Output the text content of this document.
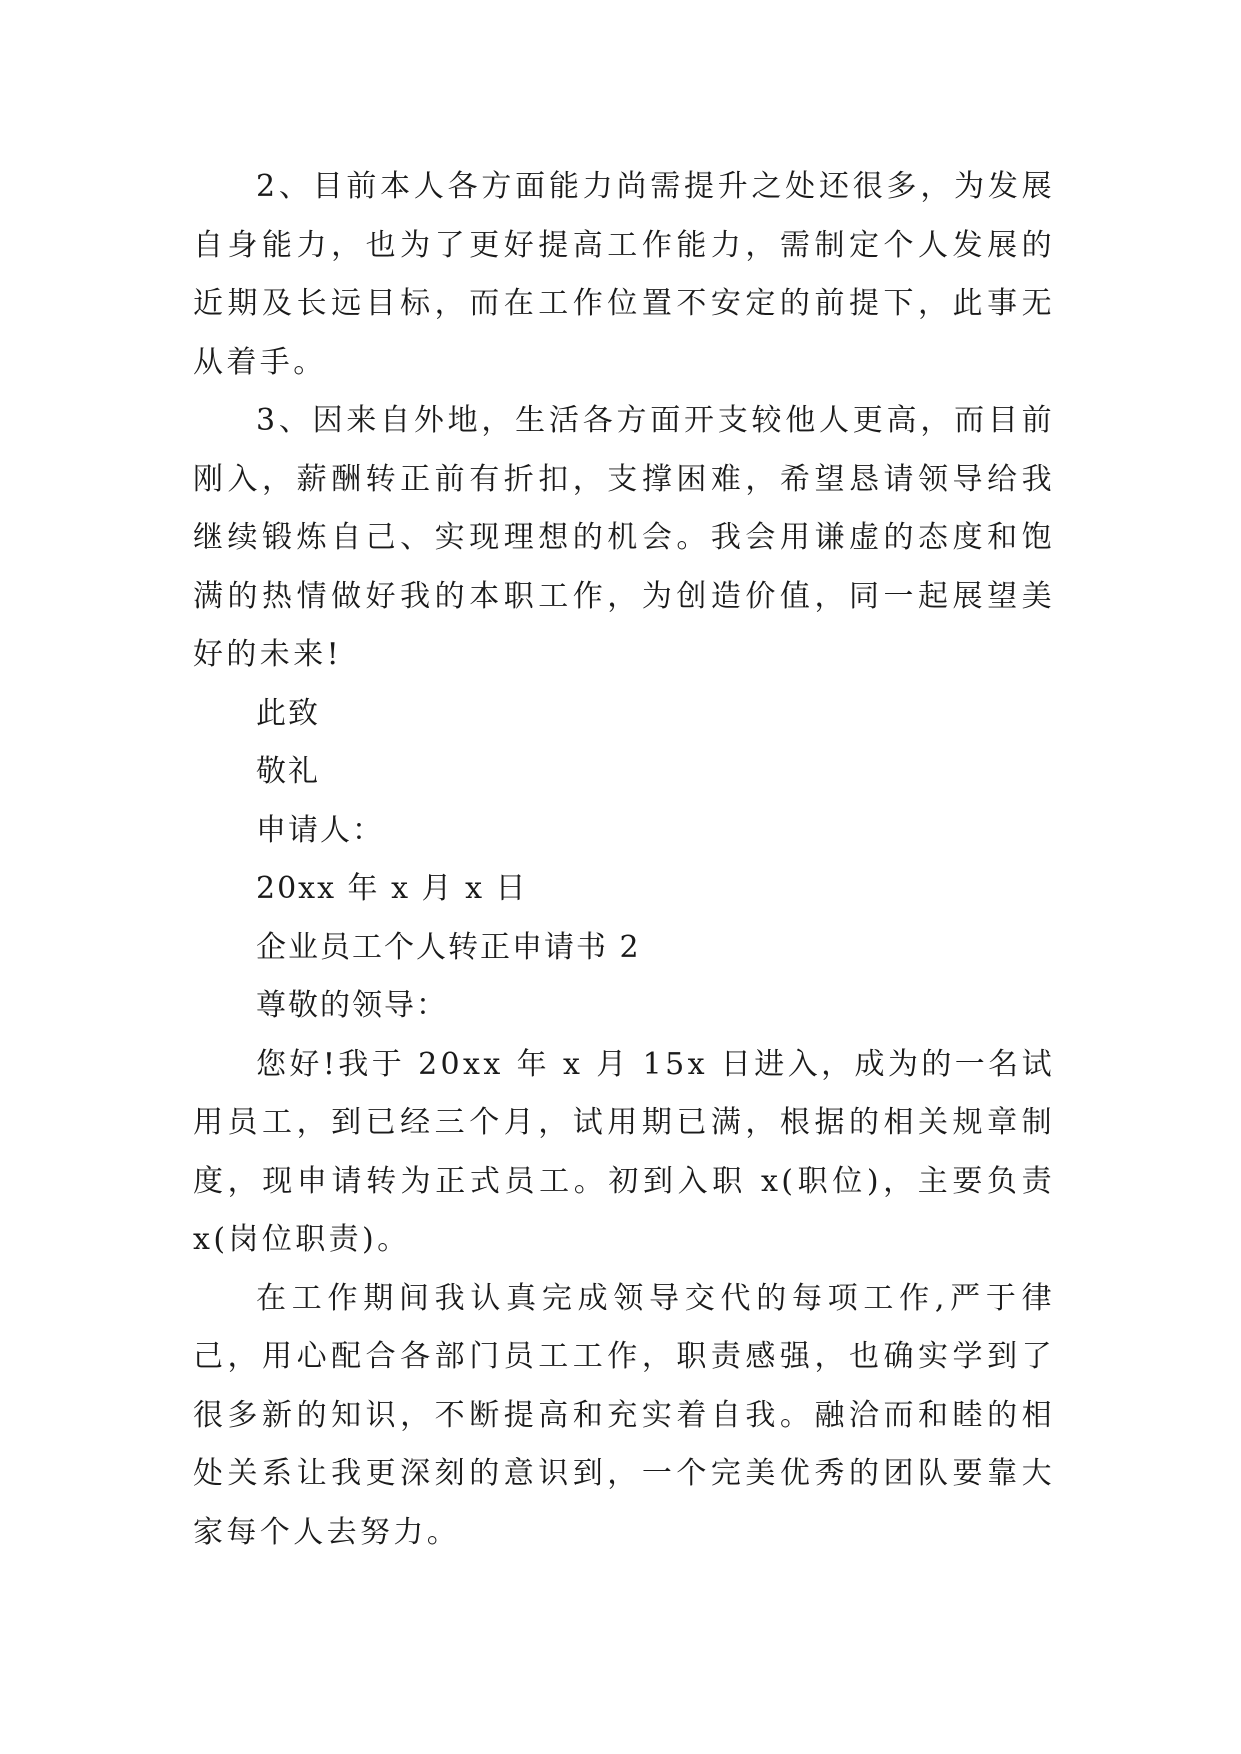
2、目前本人各方面能力尚需提升之处还很多，为发展自身能力，也为了更好提高工作能力，需制定个人发展的近期及长远目标，而在工作位置不安定的前提下，此事无从着手。

3、因来自外地，生活各方面开支较他人更高，而目前刚入，薪酬转正前有折扣，支撑困难，希望恳请领导给我继续锻炼自己、实现理想的机会。我会用谦虚的态度和饱满的热情做好我的本职工作，为创造价值，同一起展望美好的未来!

此致

敬礼

申请人：

20xx 年 x 月 x 日

企业员工个人转正申请书 2

尊敬的领导：

您好!我于 20xx 年 x 月 15x 日进入，成为的一名试用员工，到已经三个月，试用期已满，根据的相关规章制度，现申请转为正式员工。初到入职 x(职位)，主要负责 x(岗位职责)。

在工作期间我认真完成领导交代的每项工作,严于律己，用心配合各部门员工工作，职责感强，也确实学到了很多新的知识，不断提高和充实着自我。融洽而和睦的相处关系让我更深刻的意识到，一个完美优秀的团队要靠大家每个人去努力。
